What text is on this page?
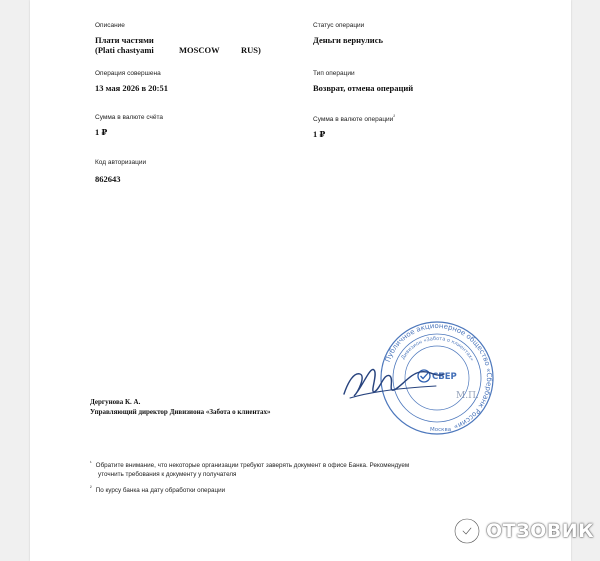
Описание
Плати частями
(Plati chastyami	MOSCOW	RUS)
Статус операции
Деньги вернулись
Операция совершена
13 мая 2026 в 20:51
Тип операции
Возврат, отмена операций
Сумма в валюте счёта
1 ₽
Сумма в валюте операции$^{^2}$
1 ₽
Код авторизации
862643
Публичное акционерное общество «Сбербанк России»
Дивизион «Забота о клиентах»
СБЕР
Москва
М.П.
Дергунова К. А.
Управляющий директор Дивизиона «Забота о клиентах»
$^{^1}$ Обратите внимание, что некоторые организации требуют заверять документ в офисе Банка. Рекомендуем
уточнить требования к документу у получателя
$^{^2}$ По курсу банка на дату обработки операции
ОТЗОВИК
